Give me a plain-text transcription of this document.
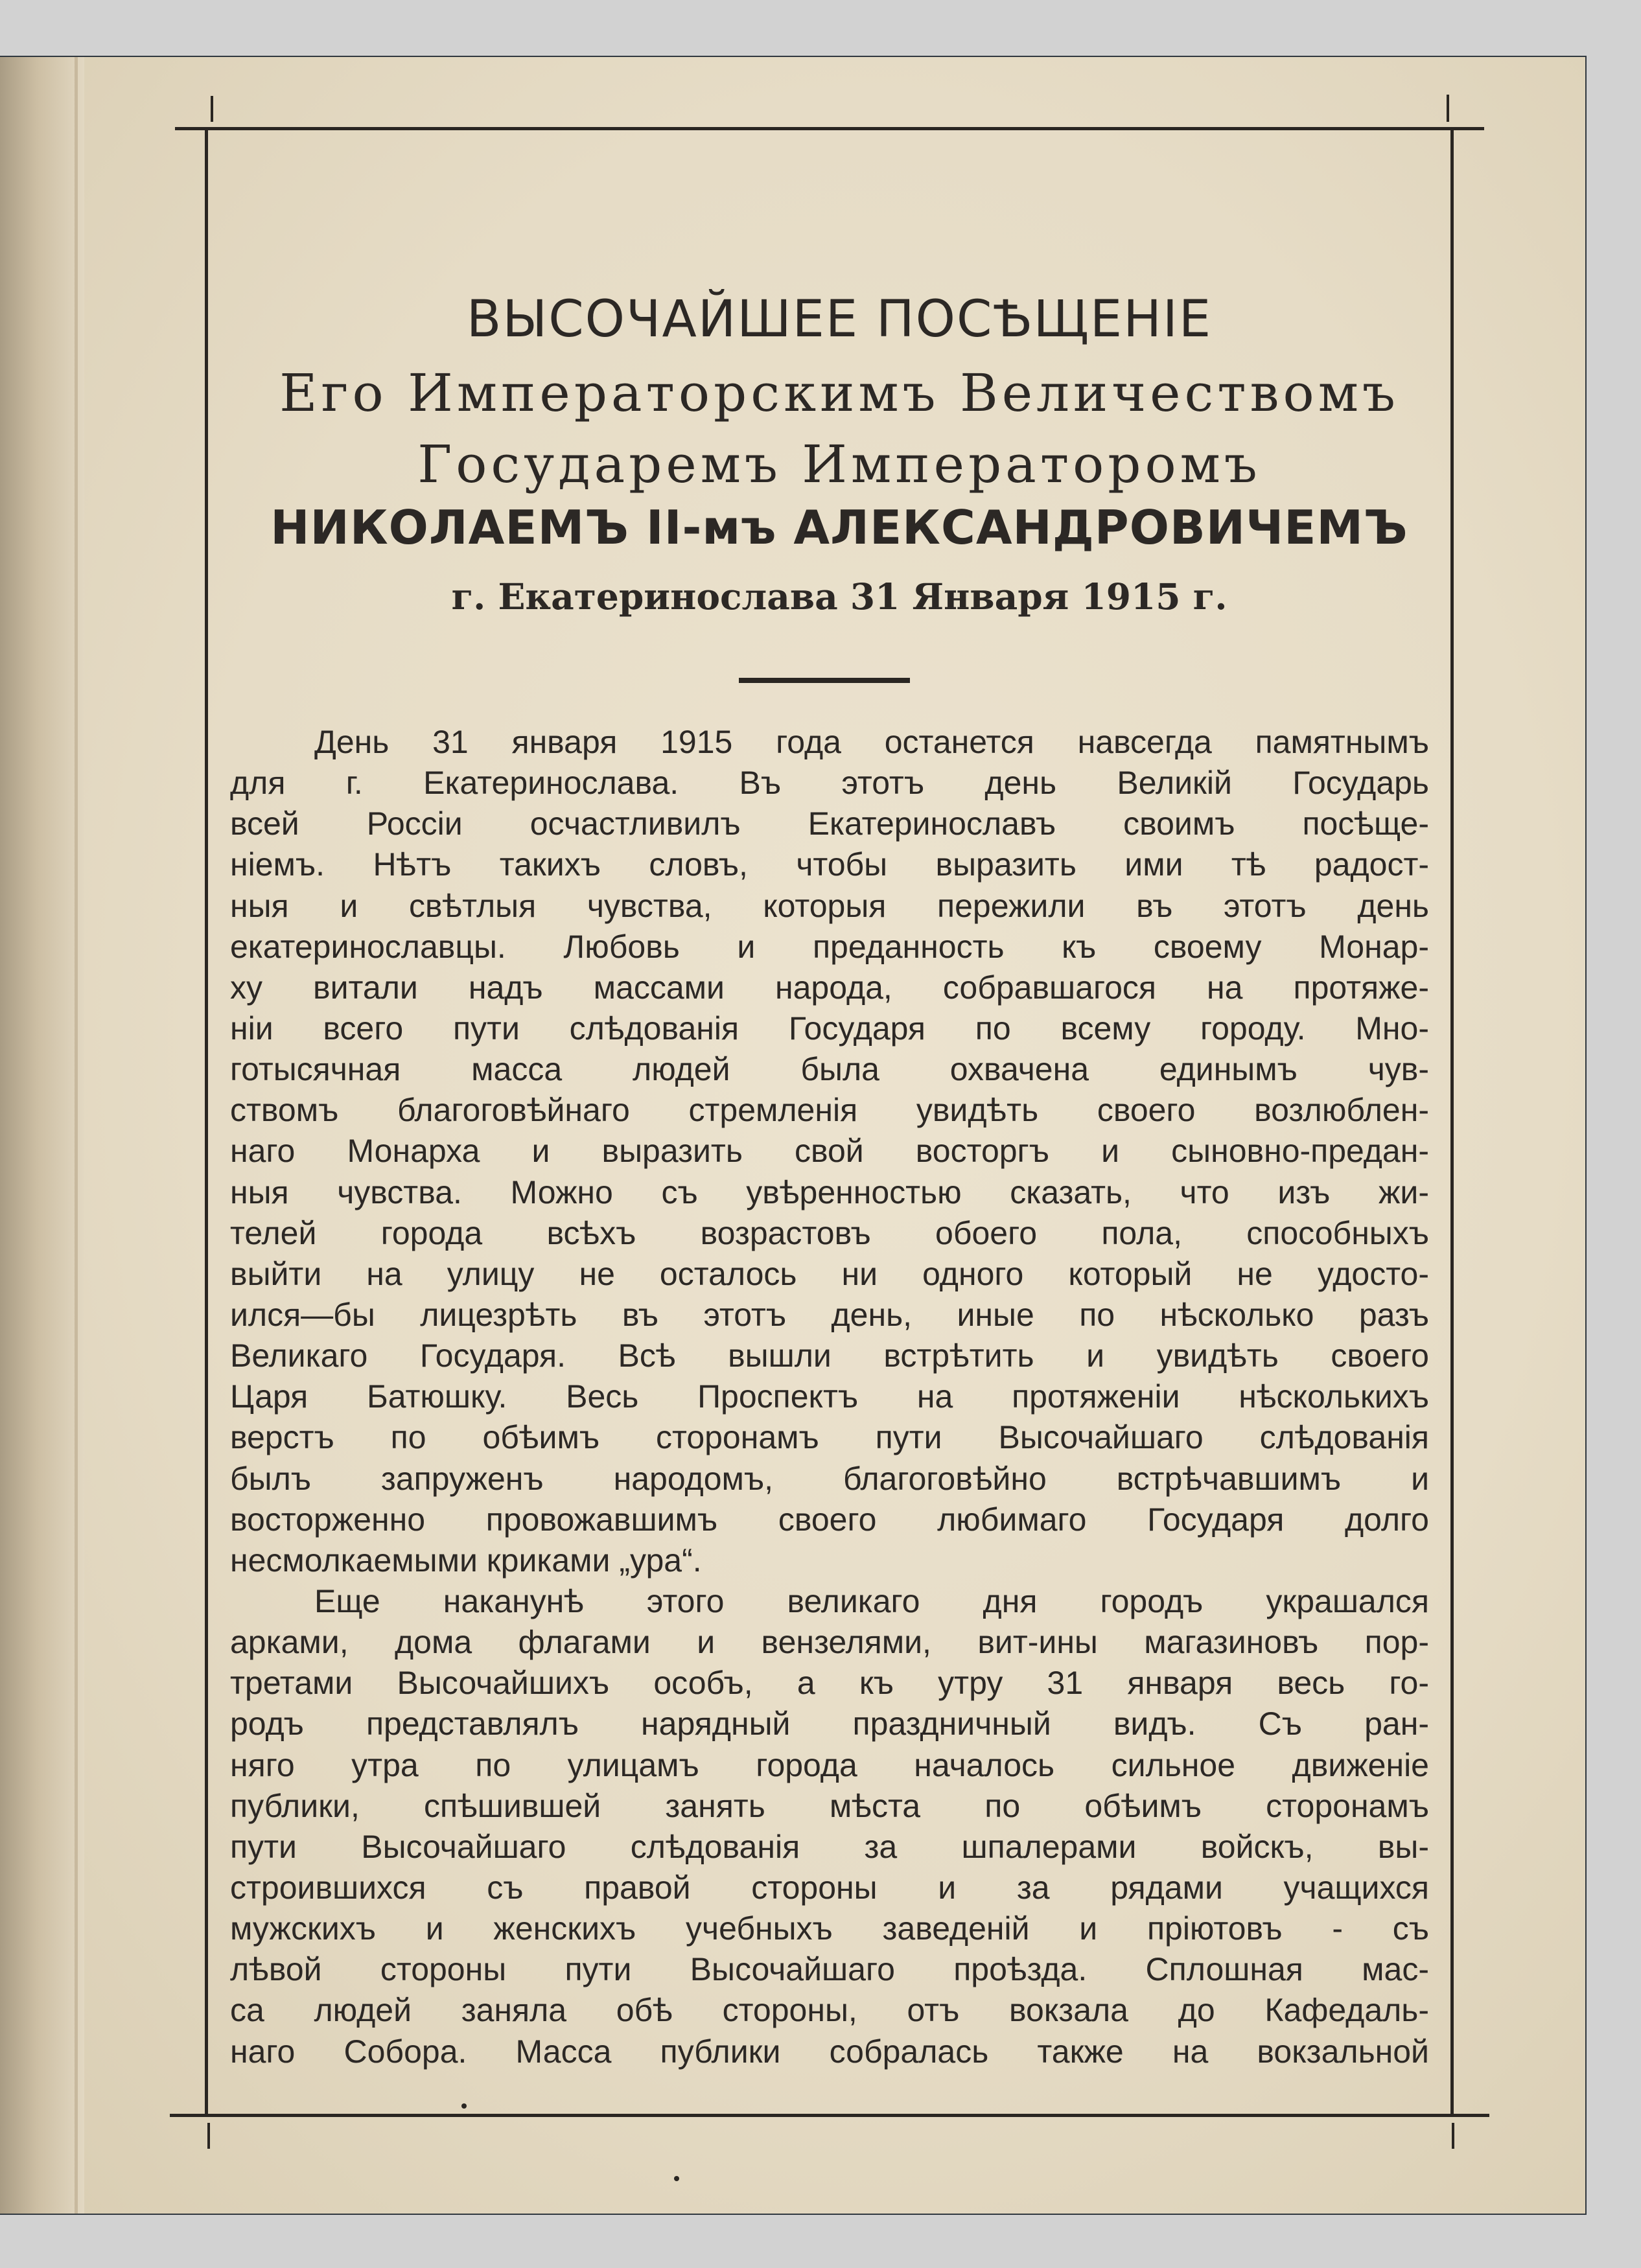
ВЫСОЧАЙШЕЕ ПОСѢЩЕНІЕ
Его Императорскимъ Величествомъ
Государемъ Императоромъ
НИКОЛАЕМЪ II-мъ АЛЕКСАНДРОВИЧЕМЪ
г. Екатеринослава 31 Января 1915 г.
День 31 января 1915 года останется навсегда памятнымъ
для г. Екатеринослава. Въ этотъ день Великій Государь
всей Россіи осчастливилъ Екатеринославъ своимъ посѣще-
ніемъ. Нѣтъ такихъ словъ, чтобы выразить ими тѣ радост-
ныя и свѣтлыя чувства, которыя пережили въ этотъ день
екатеринославцы. Любовь и преданность къ своему Монар-
ху витали надъ массами народа, собравшагося на протяже-
ніи всего пути слѣдованія Государя по всему городу. Мно-
готысячная масса людей была охвачена единымъ чув-
ствомъ благоговѣйнаго стремленія увидѣть своего возлюблен-
наго Монарха и выразить свой восторгъ и сыновно-предан-
ныя чувства. Можно съ увѣренностью сказать, что изъ жи-
телей города всѣхъ возрастовъ обоего пола, способныхъ
выйти на улицу не осталось ни одного который не удосто-
ился—бы лицезрѣть въ этотъ день, иные по нѣсколько разъ
Великаго Государя. Всѣ вышли встрѣтить и увидѣть своего
Царя Батюшку. Весь Проспектъ на протяженіи нѣсколькихъ
верстъ по обѣимъ сторонамъ пути Высочайшаго слѣдованія
былъ запруженъ народомъ, благоговѣйно встрѣчавшимъ и
восторженно провожавшимъ своего любимаго Государя долго
несмолкаемыми криками „ура“.
Еще наканунѣ этого великаго дня городъ украшался
арками, дома флагами и вензелями, вит-ины магазиновъ пор-
третами Высочайшихъ особъ, а къ утру 31 января весь го-
родъ представлялъ нарядный праздничный видъ. Съ ран-
няго утра по улицамъ города началось сильное движеніе
публики, спѣшившей занять мѣста по обѣимъ сторонамъ
пути Высочайшаго слѣдованія за шпалерами войскъ, вы-
строившихся съ правой стороны и за рядами учащихся
мужскихъ и женскихъ учебныхъ заведеній и пріютовъ - съ
лѣвой стороны пути Высочайшаго проѣзда. Сплошная мас-
са людей заняла обѣ стороны, отъ вокзала до Кафедаль-
наго Собора. Масса публики собралась также на вокзальной
